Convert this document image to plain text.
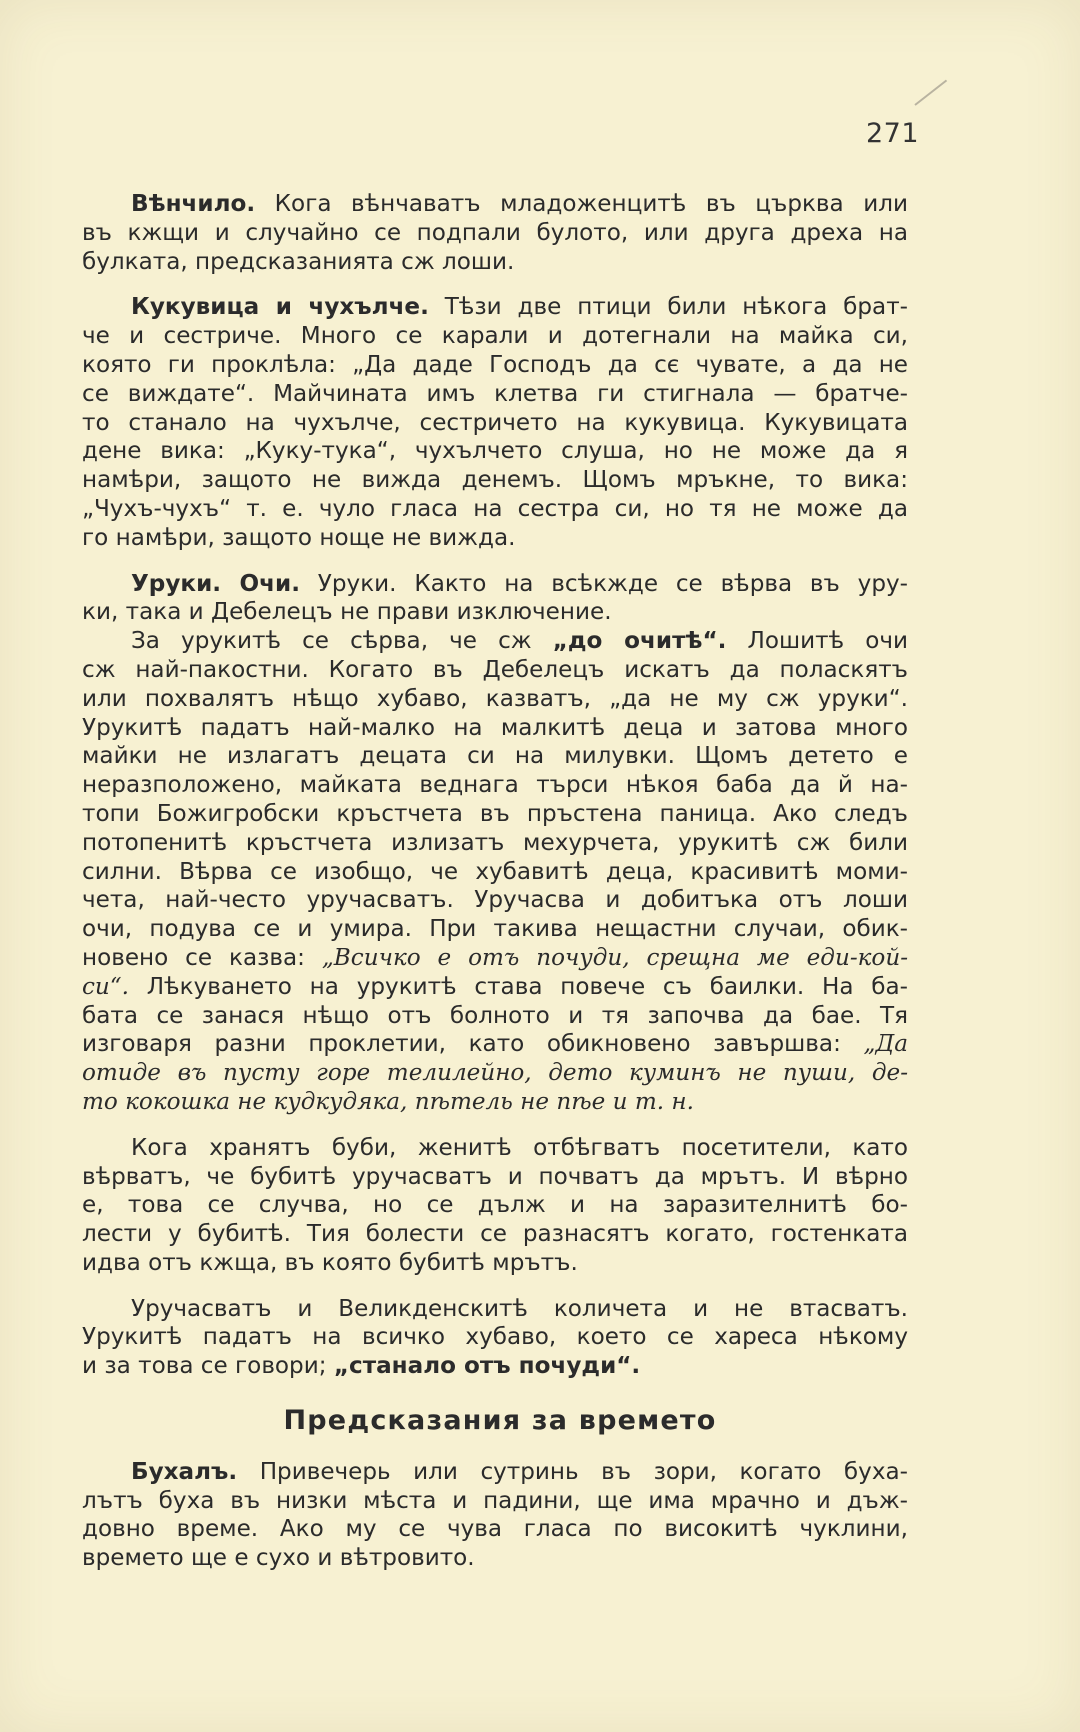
271

Вѣнчило. Кога вѣнчаватъ младоженцитѣ въ църква или
въ кжщи и случайно се подпали булото, или друга дреха на
булката, предсказанията сж лоши.

Кукувица и чухълче. Тѣзи две птици били нѣкога брат-
че и сестриче. Много се карали и дотегнали на майка си,
която ги проклѣла: „Да даде Господъ да сє чувате, а да не
се виждате“. Майчината имъ клетва ги стигнала — братче-
то станало на чухълче, сестричето на кукувица. Кукувицата
дене вика: „Куку-тука“, чухълчето слуша, но не може да я
намѣри, защото не вижда денемъ. Щомъ мръкне, то вика:
„Чухъ-чухъ“ т. е. чуло гласа на сестра си, но тя не може да
го намѣри, защото ноще не вижда.

Уруки. Очи. Уруки. Както на всѣкжде се вѣрва въ уру-
ки, така и Дебелецъ не прави изключение.

За урукитѣ се сѣрва, че сж „до очитѣ“. Лошитѣ очи
сж най-пакостни. Когато въ Дебелецъ искатъ да поласкятъ
или похвалятъ нѣщо хубаво, казватъ, „да не му сж уруки“.
Урукитѣ падатъ най-малко на малкитѣ деца и затова много
майки не излагатъ децата си на милувки. Щомъ детето е
неразположено, майката веднага търси нѣкоя баба да й на-
топи Божигробски кръстчета въ пръстена паница. Ако следъ
потопенитѣ кръстчета излизатъ мехурчета, урукитѣ сж били
силни. Вѣрва се изобщо, че хубавитѣ деца, красивитѣ моми-
чета, най-често уручасватъ. Уручасва и добитъка отъ лоши
очи, подува се и умира. При такива нещастни случаи, обик-
новено се казва: „Всичко е отъ почуди, срещна ме еди-кой-
си“. Лѣкуването на урукитѣ става повече съ баилки. На ба-
бата се занася нѣщо отъ болното и тя започва да бае. Тя
изговаря разни проклетии, като обикновено завършва: „Да
отиде въ пусту горе телилейно, дето куминъ не пуши, де-
то кокошка не кудкудяка, пѣтель не пѣе и т. н.

Кога хранятъ буби, женитѣ отбѣгватъ посетители, като
вѣрватъ, че бубитѣ уручасватъ и почватъ да мрътъ. И вѣрно
е, това се случва, но се дълж и на заразителнитѣ бо-
лести у бубитѣ. Тия болести се разнасятъ когато, гостенката
идва отъ кжща, въ която бубитѣ мрътъ.

Уручасватъ и Великденскитѣ количета и не втасватъ.
Урукитѣ падатъ на всичко хубаво, което се хареса нѣкому
и за това се говори; „станало отъ почуди“.

Предсказания за времето

Бухалъ. Привечерь или сутринь въ зори, когато буха-
лътъ буха въ низки мѣста и падини, ще има мрачно и дъж-
довно време. Ако му се чува гласа по високитѣ чуклини,
времето ще е сухо и вѣтровито.
